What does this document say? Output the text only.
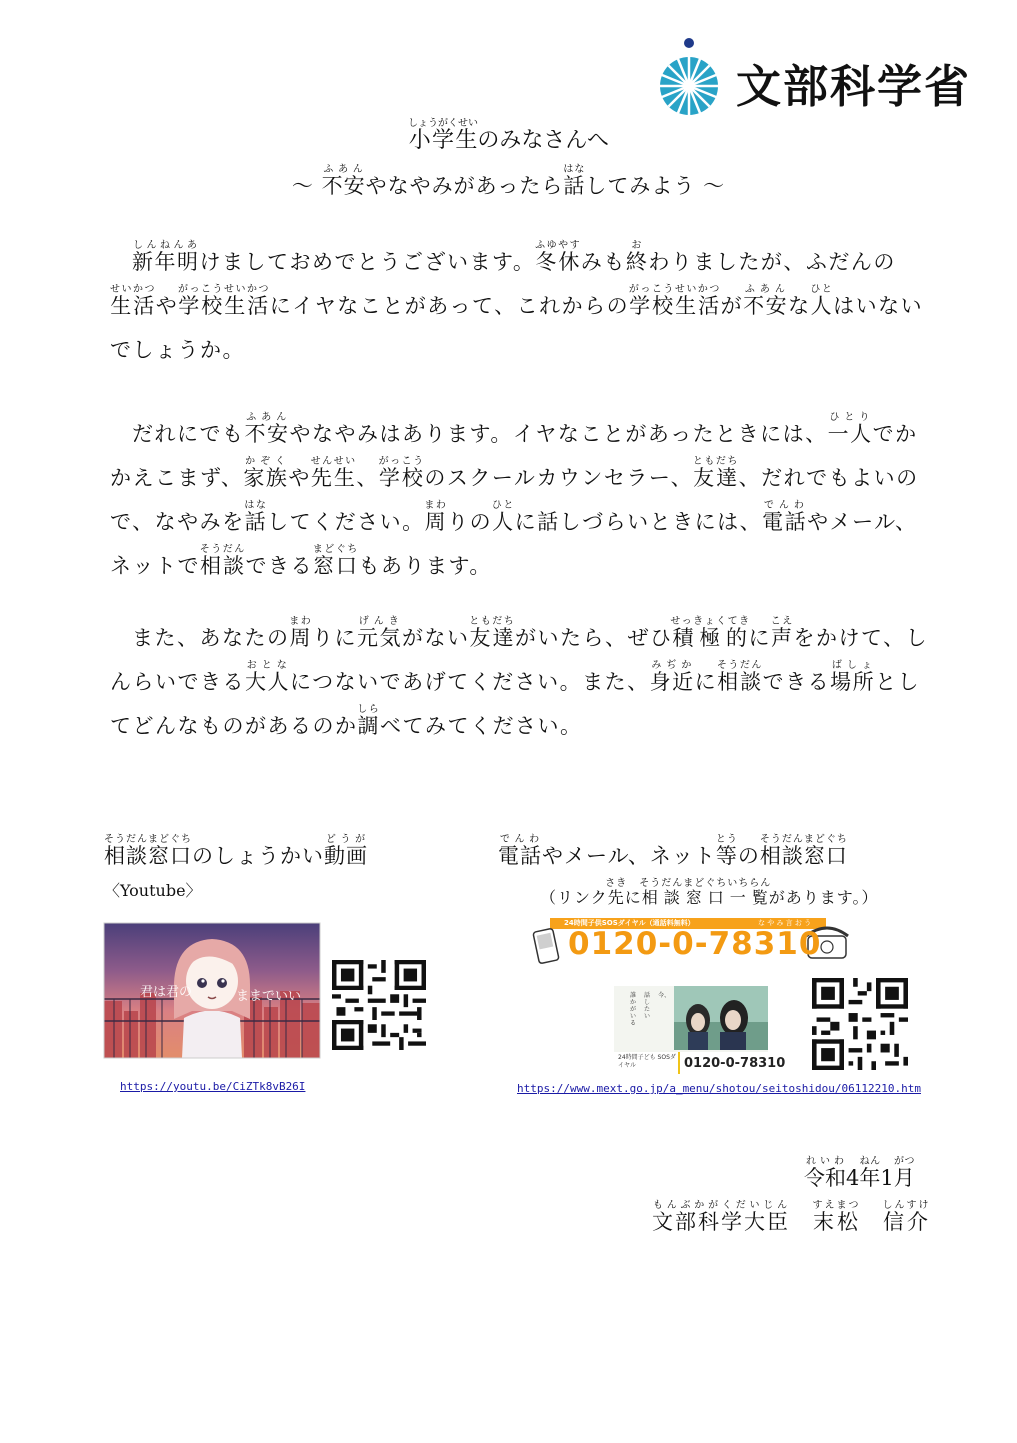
文部科学省
小学生しょうがくせいのみなさんへ
〜 不安ふあんやなやみがあったら話はなしてみよう 〜

新年明しんねんあけましておめでとうございます。冬休ふゆやすみも終おわりましたが、ふだんの生活せいかつや学校生活がっこうせいかつにイヤなことがあって、これからの学校生活がっこうせいかつが不安ふあんな人ひとはいないでしょうか。

だれにでも不安ふあんやなやみはあります。イヤなことがあったときには、一人ひとりでかかえこまず、家族かぞくや先生せんせい、学校がっこうのスクールカウンセラー、友達ともだち、だれでもよいので、なやみを話はなしてください。周まわりの人ひとに話しづらいときには、電話でんわやメール、ネットで相談そうだんできる窓口まどぐちもあります。

また、あなたの周まわりに元気げんきがない友達ともだちがいたら、ぜひ積極的せっきょくてきに声こえをかけて、しんらいできる大人おとなにつないであげてください。また、身近みぢかに相談そうだんできる場所ばしょとしてどんなものがあるのか調しらべてみてください。

相談窓口そうだんまどぐちのしょうかい動画どうが
〈Youtube〉
君は君の	ままでいい
https://youtu.be/CiZTk8vB26I
電話でんわやメール、ネット等とうの相談窓口そうだんまどぐち
（リンク先さきに相談窓口一覧そうだんまどぐちいちらんがあります。）
24時間子供SOSダイヤル（通話料無料）
0120-0-78310
な や み 言 お う
今、
話したい
誰かがいる
24時間子ども SOSダイヤル	0120-0-78310
https://www.mext.go.jp/a_menu/shotou/seitoshidou/06112210.htm
令和れいわ4年ねん1月がつ
文部科学大臣もんぶかがくだいじん　末松すえまつ　信介しんすけ
